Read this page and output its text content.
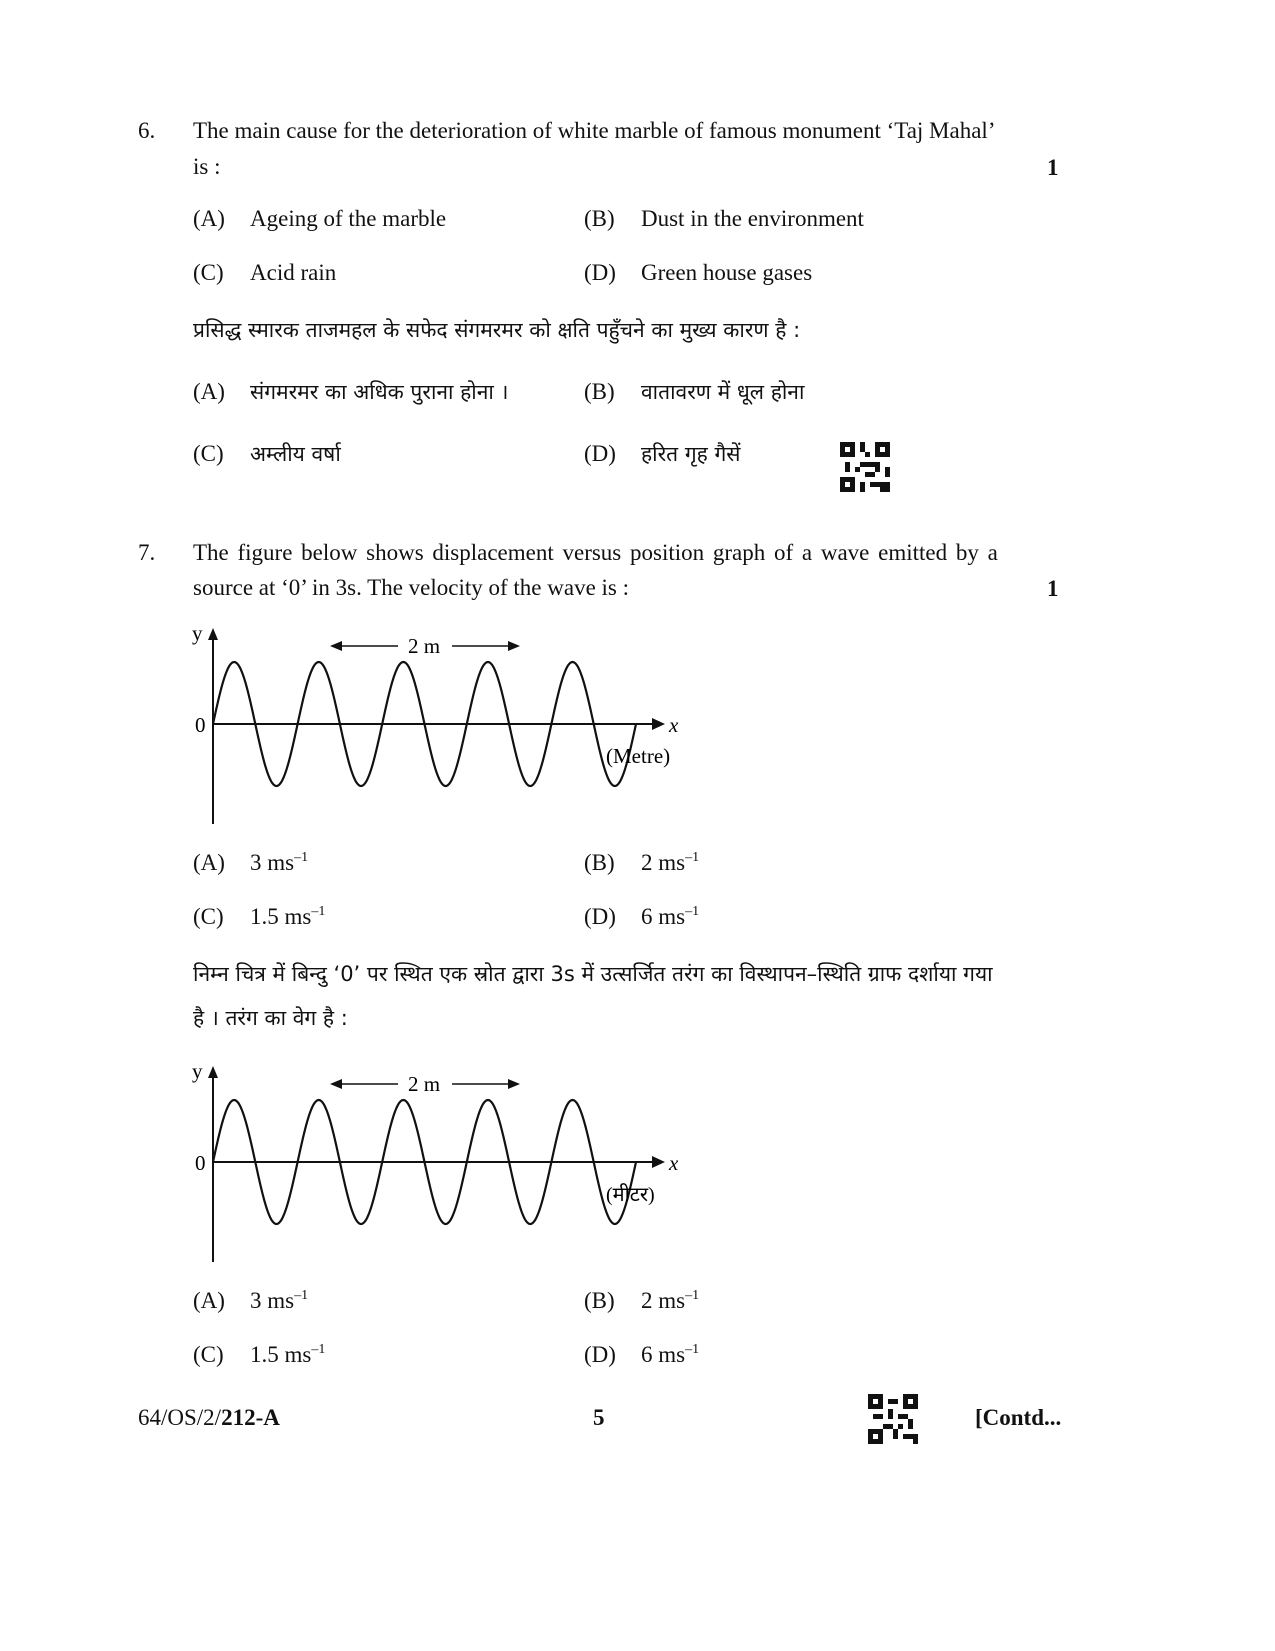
6. The main cause for the deterioration of white marble of famous monument ‘Taj Mahal’
is :	1
(A) Ageing of the marble	(B) Dust in the environment
(C) Acid rain	(D) Green house gases
प्रसिद्ध स्मारक ताजमहल के सफेद संगमरमर को क्षति पहुँचने का मुख्य कारण है :
(A) संगमरमर का अधिक पुराना होना ।	(B) वातावरण में धूल होना
(C) अम्लीय वर्षा	(D) हरित गृह गैसें
7. The figure below shows displacement versus position graph of a wave emitted by a
source at ‘0’ in 3s. The velocity of the wave is :	1
y
0	x
2 m
(Metre)
(A) 3 $ms^{-1}$	(B) 2 $ms^{-1}$
(C) 1.5 $ms^{-1}$	(D) 6 $ms^{-1}$
निम्न चित्र में बिन्दु ‘0’ पर स्थित एक स्रोत द्वारा 3s में उत्सर्जित तरंग का विस्थापन–स्थिति ग्राफ दर्शाया गया
है । तरंग का वेग है :
y
0	x
2 m
(मीटर)
(A) 3 $ms^{-1}$	(B) 2 $ms^{-1}$
(C) 1.5 $ms^{-1}$	(D) 6 $ms^{-1}$
64/OS/2/212-A	5	[Contd...
